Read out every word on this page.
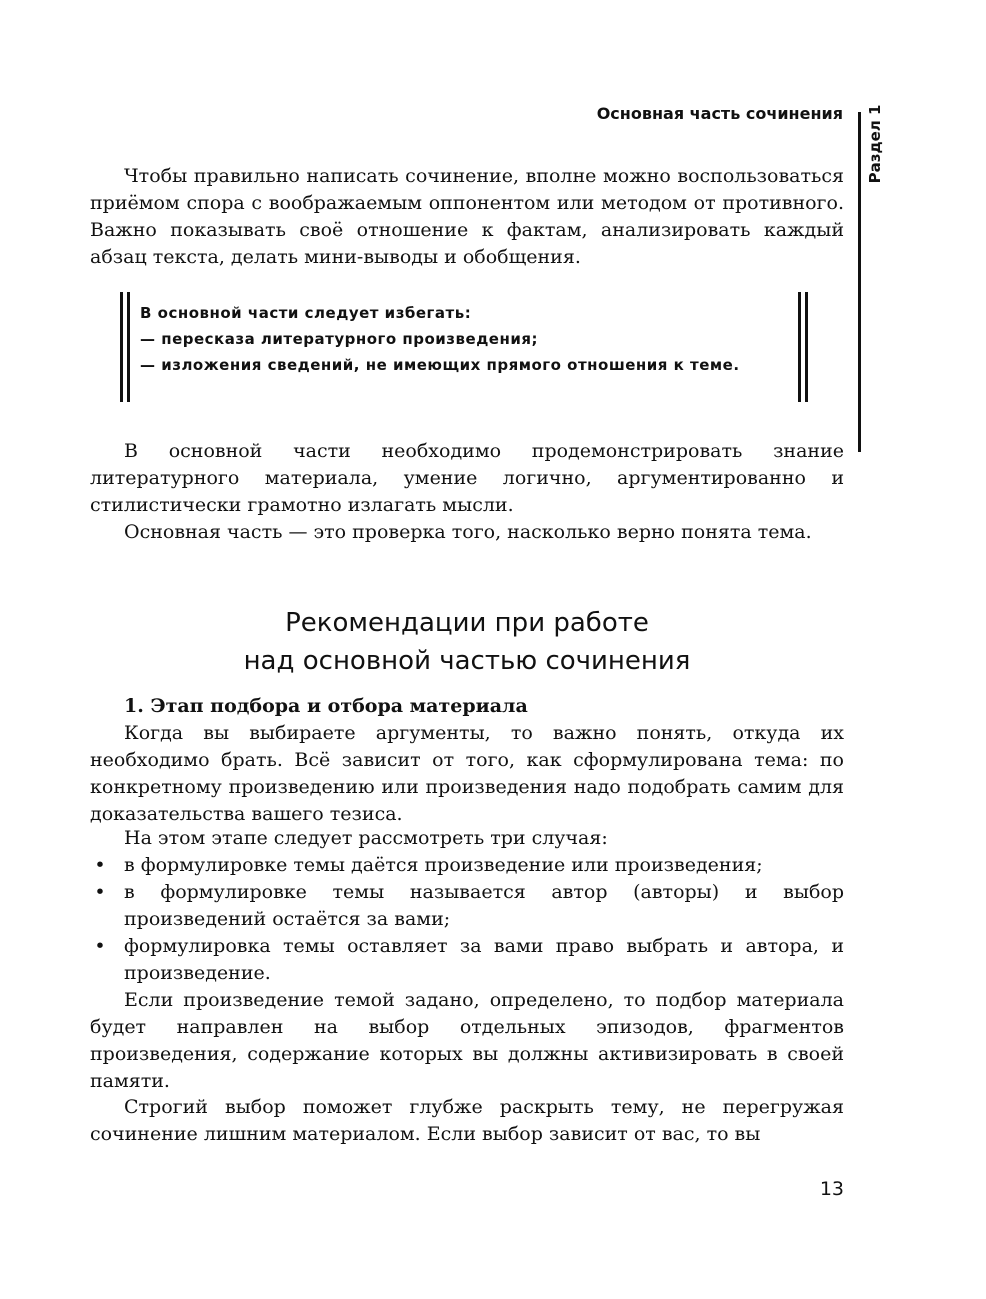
Основная часть сочинения Раздел 1

Чтобы правильно написать сочинение, вполне можно воспользоваться приёмом спора с воображаемым оппонентом или методом от противного. Важно показывать своё отношение к фактам, анализировать каждый абзац текста, делать мини-выводы и обобщения.

В основной части следует избегать:
— пересказа литературного произведения;
— изложения сведений, не имеющих прямого отношения к теме.

В основной части необходимо продемонстрировать знание литературного материала, умение логично, аргументированно и стилистически грамотно излагать мысли.

Основная часть — это проверка того, насколько верно понята тема.

Рекомендации при работе
над основной частью сочинения
1. Этап подбора и отбора материала

Когда вы выбираете аргументы, то важно понять, откуда их необходимо брать. Всё зависит от того, как сформулирована тема: по конкретному произведению или произведения надо подобрать самим для доказательства вашего тезиса.

На этом этапе следует рассмотреть три случая:

• в формулировке темы даётся произведение или произведения;
• в формулировке темы называется автор (авторы) и выбор произведений остаётся за вами;
• формулировка темы оставляет за вами право выбрать и автора, и произведение.

Если произведение темой задано, определено, то подбор материала будет направлен на выбор отдельных эпизодов, фрагментов произведения, содержание которых вы должны активизировать в своей памяти.

Строгий выбор поможет глубже раскрыть тему, не перегружая сочинение лишним материалом. Если выбор зависит от вас, то вы

13
